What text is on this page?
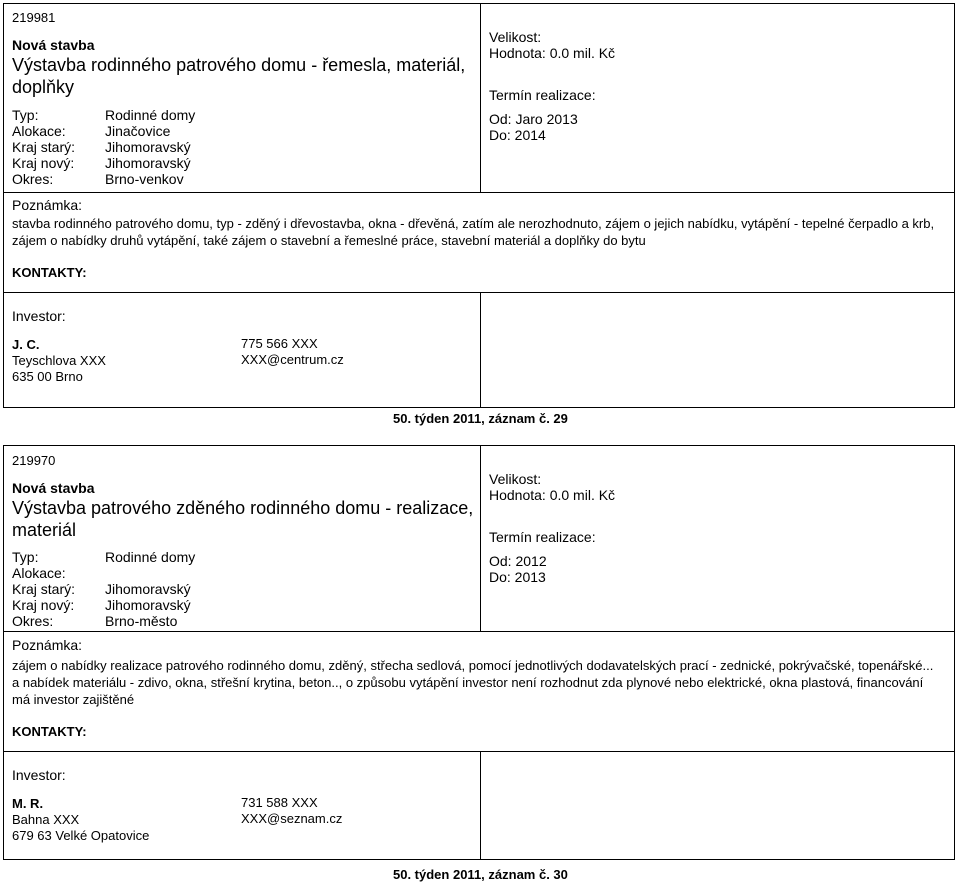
219981
Nová stavba
Výstavba rodinného patrového domu - řemesla, materiál, doplňky
Typ:
Alokace:
Kraj starý:
Kraj nový:
Okres:
Rodinné domy
Jinačovice
Jihomoravský
Jihomoravský
Brno-venkov
Velikost:
Hodnota: 0.0 mil. Kč
Termín realizace:
Od: Jaro 2013
Do: 2014
Poznámka:
stavba rodinného patrového domu, typ - zděný i dřevostavba, okna - dřevěná, zatím ale nerozhodnuto, zájem o jejich nabídku, vytápění - tepelné čerpadlo a krb,
zájem o nabídky druhů vytápění, také zájem o stavební a řemeslné práce, stavební materiál a doplňky do bytu
KONTAKTY:
Investor:
J. C.
Teyschlova XXX
635 00 Brno
775 566 XXX
XXX@centrum.cz
50. týden 2011, záznam č. 29
219970
Nová stavba
Výstavba patrového zděného rodinného domu - realizace, materiál
Typ:
Alokace:
Kraj starý:
Kraj nový:
Okres:
Rodinné domy
Jihomoravský
Jihomoravský
Brno-město
Velikost:
Hodnota: 0.0 mil. Kč
Termín realizace:
Od: 2012
Do: 2013
Poznámka:
zájem o nabídky realizace patrového rodinného domu, zděný, střecha sedlová, pomocí jednotlivých dodavatelských prací - zednické, pokrývačské, topenářské...
a nabídek materiálu - zdivo, okna, střešní krytina, beton.., o způsobu vytápění investor není rozhodnut zda plynové nebo elektrické, okna plastová, financování
má investor zajištěné
KONTAKTY:
Investor:
M. R.
Bahna XXX
679 63 Velké Opatovice
731 588 XXX
XXX@seznam.cz
50. týden 2011, záznam č. 30
